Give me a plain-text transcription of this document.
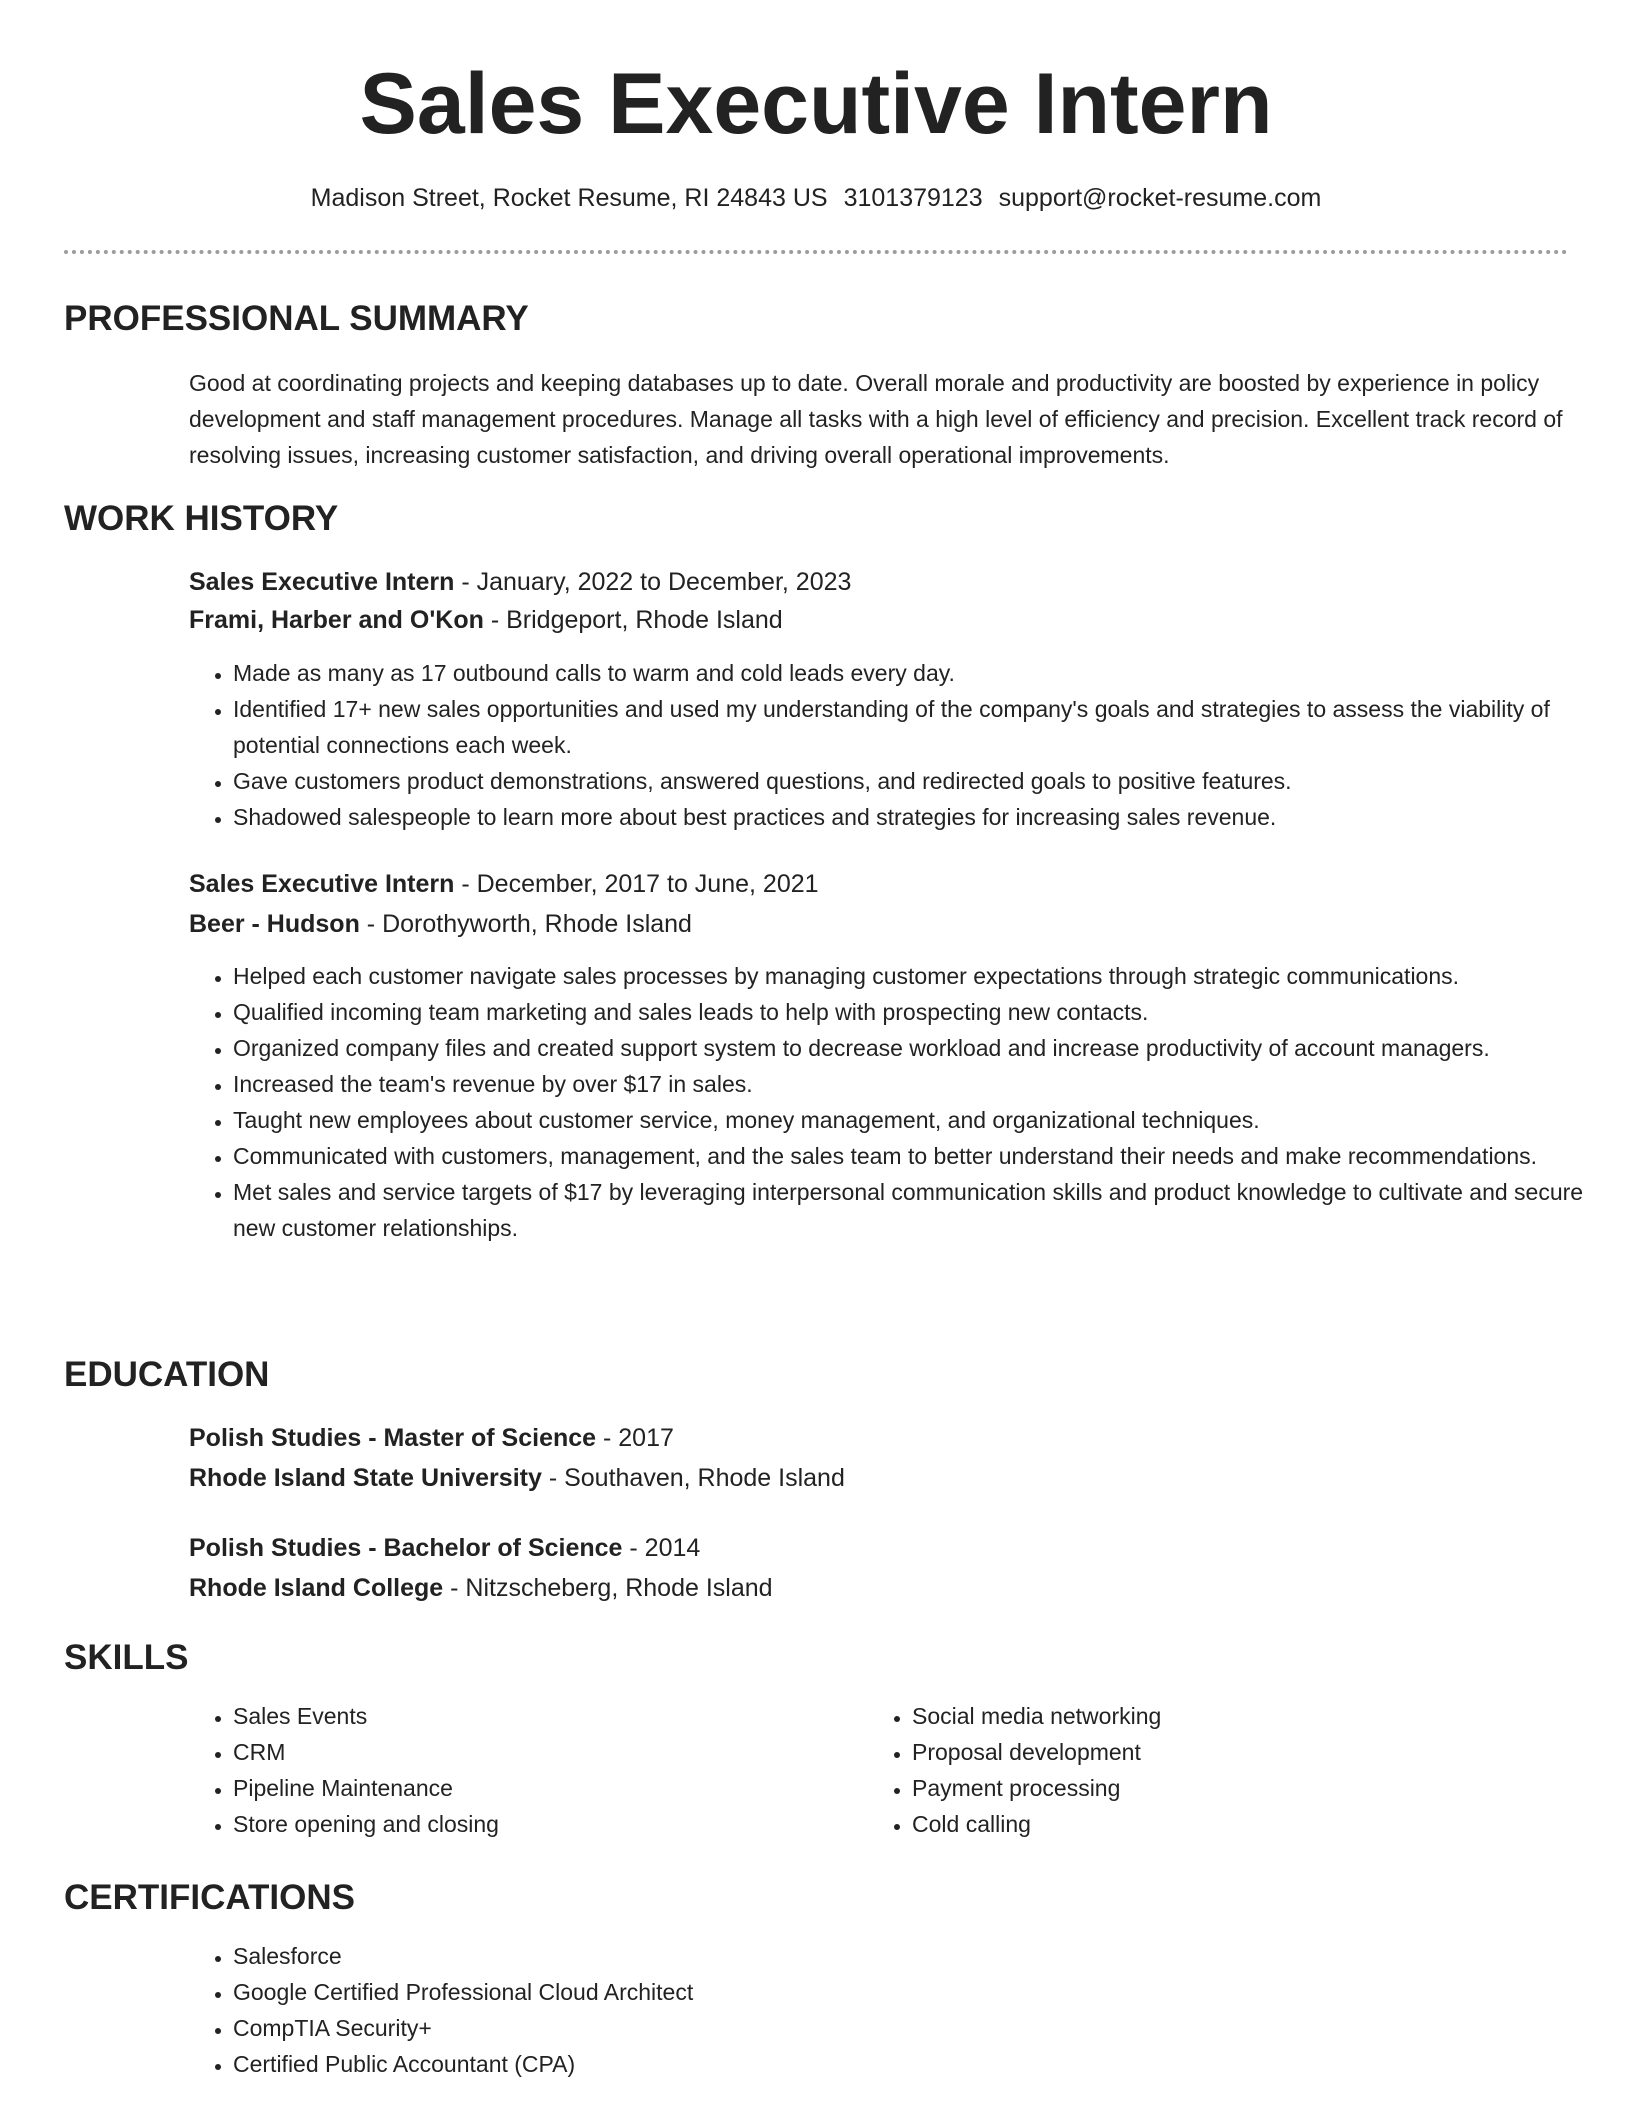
Sales Executive Intern
Madison Street, Rocket Resume, RI 24843 US 3101379123 support@rocket-resume.com
PROFESSIONAL SUMMARY

Good at coordinating projects and keeping databases up to date. Overall morale and productivity are boosted by experience in policy development and staff management procedures. Manage all tasks with a high level of efficiency and precision. Excellent track record of resolving issues, increasing customer satisfaction, and driving overall operational improvements.

WORK HISTORY
Sales Executive Intern - January, 2022 to December, 2023
Frami, Harber and O'Kon - Bridgeport, Rhode Island
• Made as many as 17 outbound calls to warm and cold leads every day.
• Identified 17+ new sales opportunities and used my understanding of the company's goals and strategies to assess the viability of potential connections each week.
• Gave customers product demonstrations, answered questions, and redirected goals to positive features.
• Shadowed salespeople to learn more about best practices and strategies for increasing sales revenue.
Sales Executive Intern - December, 2017 to June, 2021
Beer - Hudson - Dorothyworth, Rhode Island
• Helped each customer navigate sales processes by managing customer expectations through strategic communications.
• Qualified incoming team marketing and sales leads to help with prospecting new contacts.
• Organized company files and created support system to decrease workload and increase productivity of account managers.
• Increased the team's revenue by over $17 in sales.
• Taught new employees about customer service, money management, and organizational techniques.
• Communicated with customers, management, and the sales team to better understand their needs and make recommendations.
• Met sales and service targets of $17 by leveraging interpersonal communication skills and product knowledge to cultivate and secure new customer relationships.
EDUCATION
Polish Studies - Master of Science - 2017
Rhode Island State University - Southaven, Rhode Island
Polish Studies - Bachelor of Science - 2014
Rhode Island College - Nitzscheberg, Rhode Island
SKILLS
• Sales Events
• CRM
• Pipeline Maintenance
• Store opening and closing
• Social media networking
• Proposal development
• Payment processing
• Cold calling
CERTIFICATIONS
• Salesforce
• Google Certified Professional Cloud Architect
• CompTIA Security+
• Certified Public Accountant (CPA)
